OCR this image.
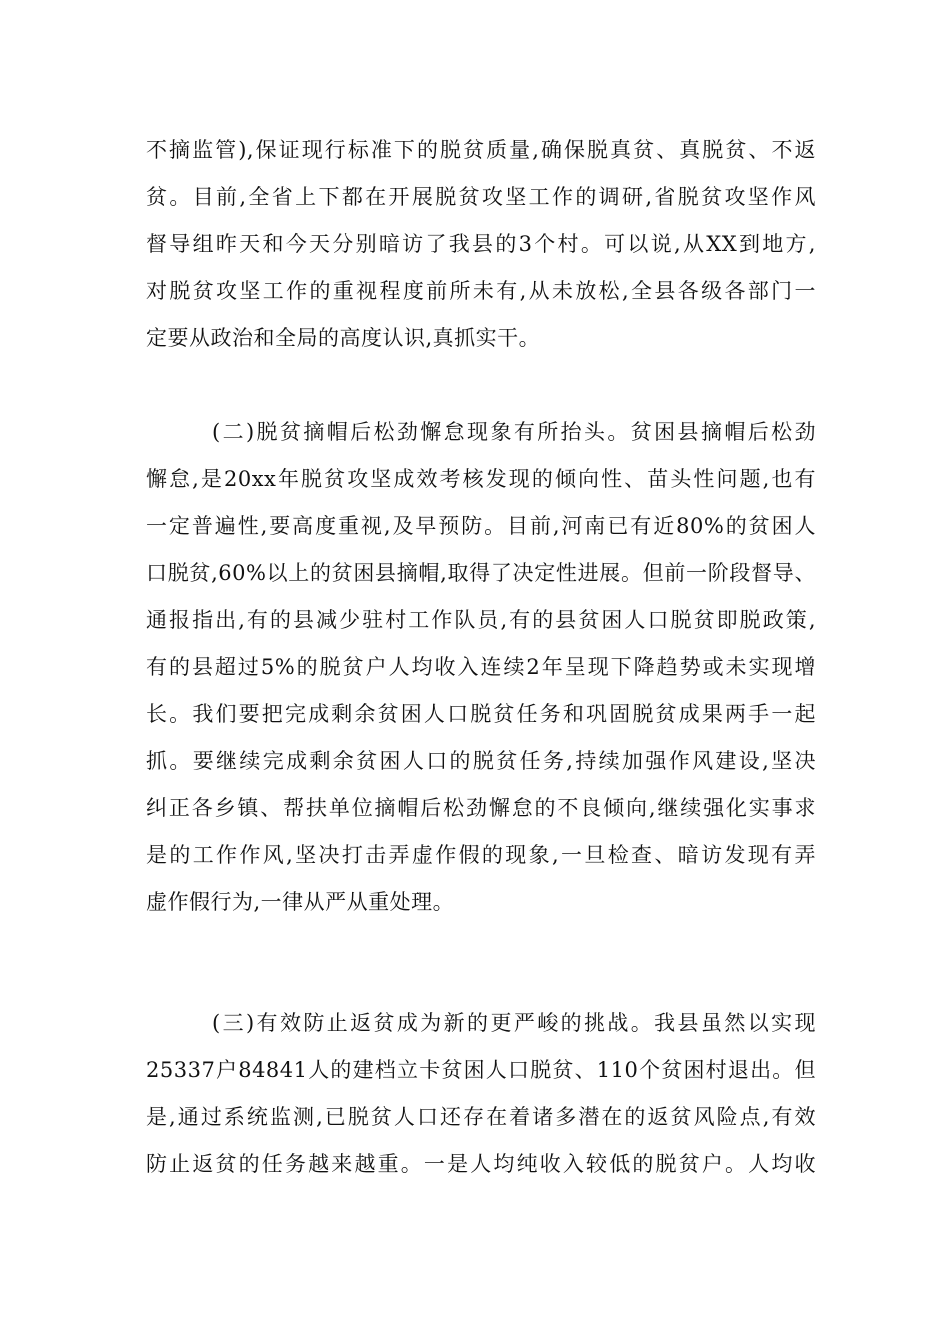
不摘监管),保证现行标准下的脱贫质量,确保脱真贫、真脱贫、不返
贫。目前,全省上下都在开展脱贫攻坚工作的调研,省脱贫攻坚作风
督导组昨天和今天分别暗访了我县的3个村。可以说,从XX到地方,
对脱贫攻坚工作的重视程度前所未有,从未放松,全县各级各部门一
定要从政治和全局的高度认识,真抓实干。
(二)脱贫摘帽后松劲懈怠现象有所抬头。贫困县摘帽后松劲
懈怠,是20xx年脱贫攻坚成效考核发现的倾向性、苗头性问题,也有
一定普遍性,要高度重视,及早预防。目前,河南已有近80%的贫困人
口脱贫,60%以上的贫困县摘帽,取得了决定性进展。但前一阶段督导、
通报指出,有的县减少驻村工作队员,有的县贫困人口脱贫即脱政策,
有的县超过5%的脱贫户人均收入连续2年呈现下降趋势或未实现增
长。我们要把完成剩余贫困人口脱贫任务和巩固脱贫成果两手一起
抓。要继续完成剩余贫困人口的脱贫任务,持续加强作风建设,坚决
纠正各乡镇、帮扶单位摘帽后松劲懈怠的不良倾向,继续强化实事求
是的工作作风,坚决打击弄虚作假的现象,一旦检查、暗访发现有弄
虚作假行为,一律从严从重处理。
(三)有效防止返贫成为新的更严峻的挑战。我县虽然以实现
25337户84841人的建档立卡贫困人口脱贫、110个贫困村退出。但
是,通过系统监测,已脱贫人口还存在着诸多潜在的返贫风险点,有效
防止返贫的任务越来越重。一是人均纯收入较低的脱贫户。人均收
